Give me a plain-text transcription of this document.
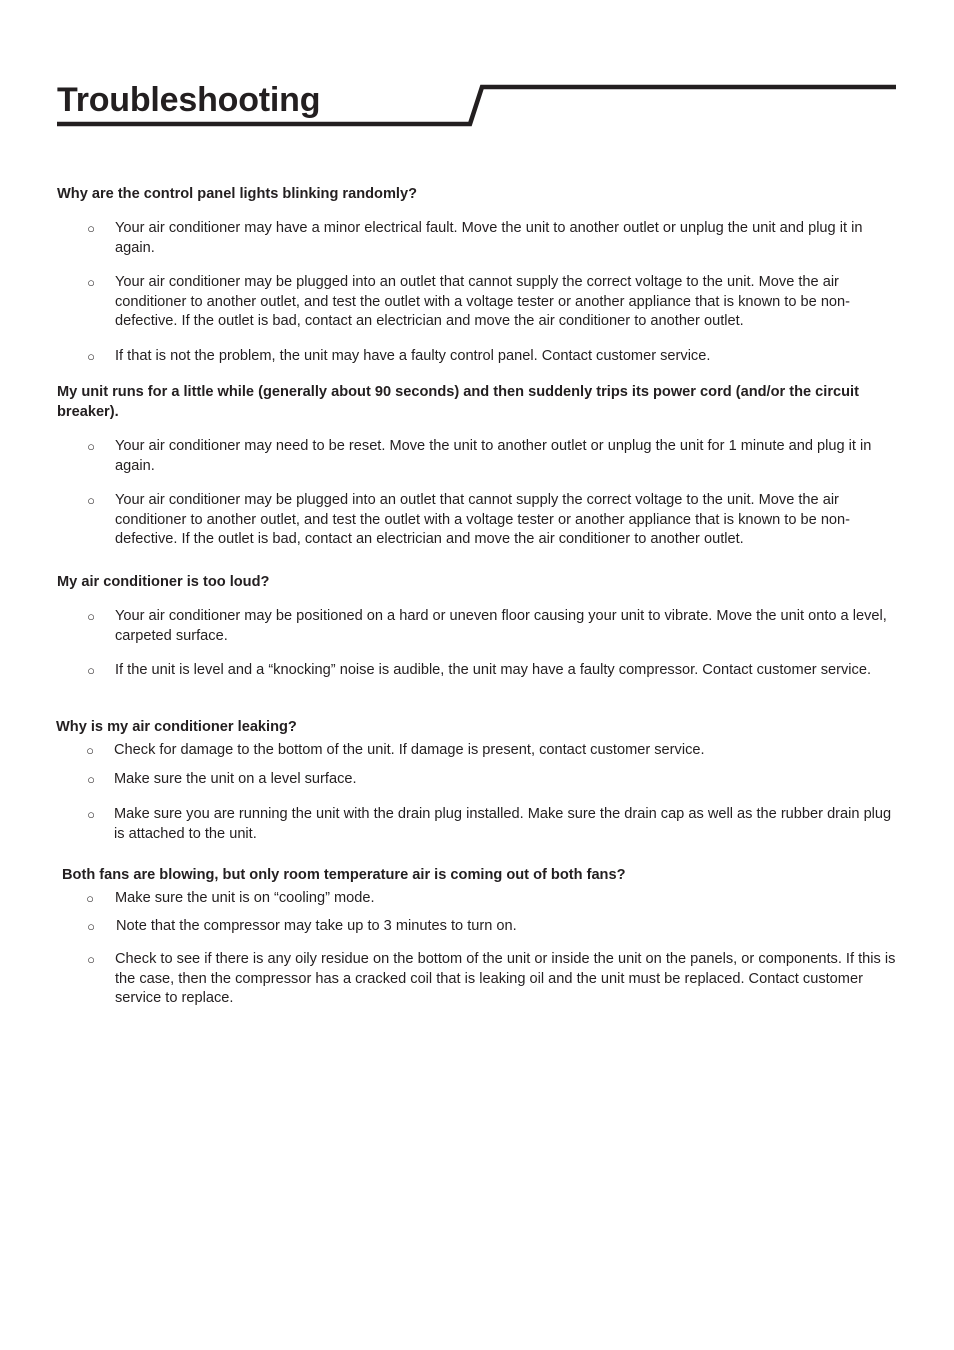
Troubleshooting

Why are the control panel lights blinking randomly?

○ Your air conditioner may have a minor electrical fault. Move the unit to another outlet or unplug the unit and plug it in again.
○ Your air conditioner may be plugged into an outlet that cannot supply the correct voltage to the unit. Move the air conditioner to another outlet, and test the outlet with a voltage tester or another appliance that is known to be non-defective. If the outlet is bad, contact an electrician and move the air conditioner to another outlet.
○ If that is not the problem, the unit may have a faulty control panel. Contact customer service.

My unit runs for a little while (generally about 90 seconds) and then suddenly trips its power cord (and/or the circuit breaker).

○ Your air conditioner may need to be reset. Move the unit to another outlet or unplug the unit for 1 minute and plug it in again.
○ Your air conditioner may be plugged into an outlet that cannot supply the correct voltage to the unit. Move the air conditioner to another outlet, and test the outlet with a voltage tester or another appliance that is known to be non-defective. If the outlet is bad, contact an electrician and move the air conditioner to another outlet.

My air conditioner is too loud?

○ Your air conditioner may be positioned on a hard or uneven floor causing your unit to vibrate. Move the unit onto a level, carpeted surface.
○ If the unit is level and a “knocking” noise is audible, the unit may have a faulty compressor. Contact customer service.

Why is my air conditioner leaking?

○ Check for damage to the bottom of the unit. If damage is present, contact customer service.
○ Make sure the unit on a level surface.
○ Make sure you are running the unit with the drain plug installed. Make sure the drain cap as well as the rubber drain plug is attached to the unit.

Both fans are blowing, but only room temperature air is coming out of both fans?

○ Make sure the unit is on “cooling” mode.
○ Note that the compressor may take up to 3 minutes to turn on.
○ Check to see if there is any oily residue on the bottom of the unit or inside the unit on the panels, or components. If this is the case, then the compressor has a cracked coil that is leaking oil and the unit must be replaced. Contact customer service to replace.
